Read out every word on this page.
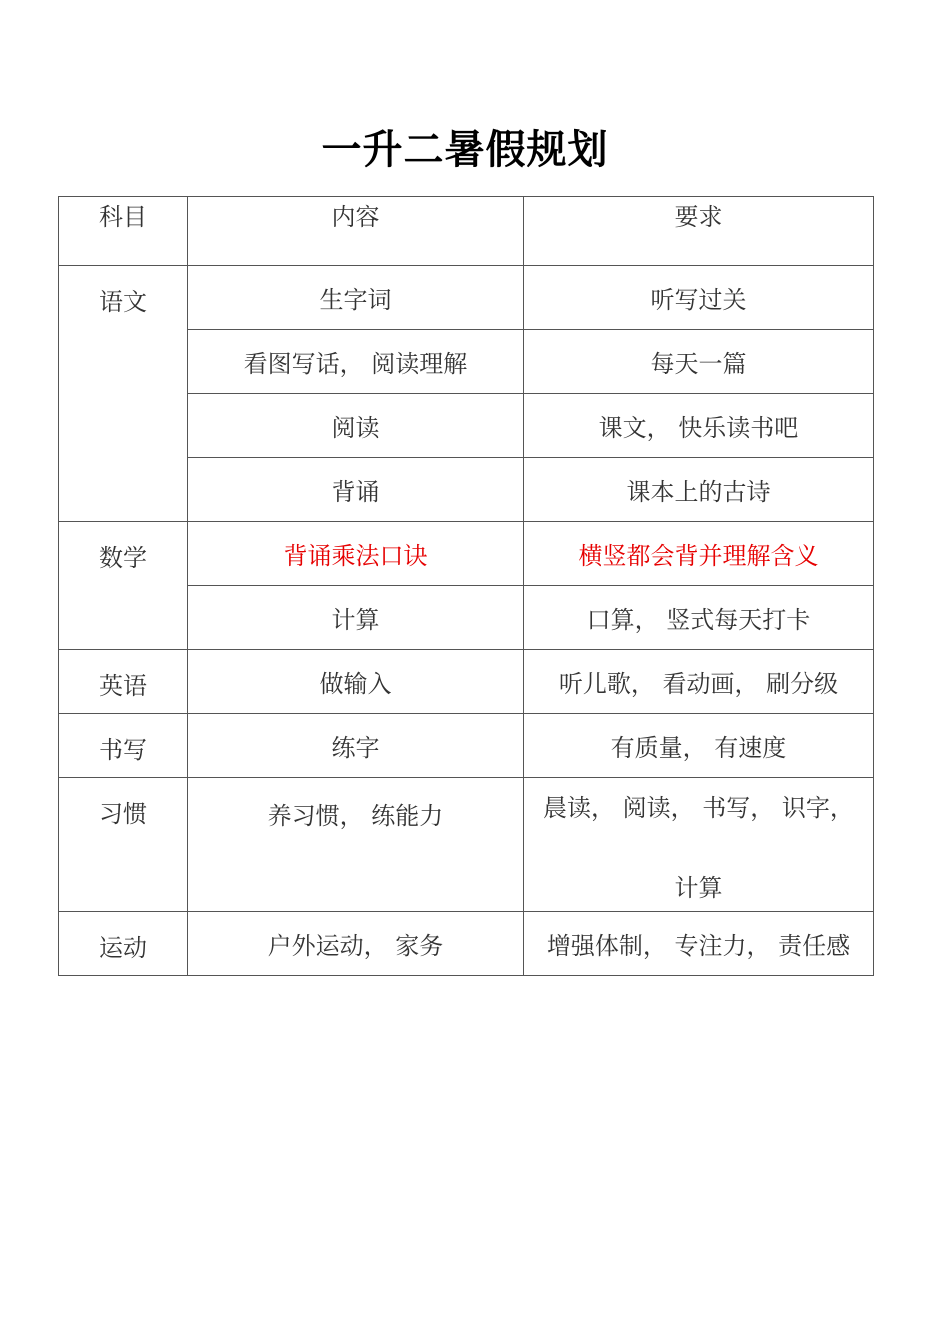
一升二暑假规划
科目	内容	要求
语文	生字词	听写过关
	看图写话， 阅读理解	每天一篇
	阅读	课文， 快乐读书吧
	背诵	课本上的古诗
数学	背诵乘法口诀	横竖都会背并理解含义
	计算	口算， 竖式每天打卡
英语	做输入	听儿歌， 看动画， 刷分级
书写	练字	有质量， 有速度
习惯	养习惯， 练能力	晨读， 阅读， 书写， 识字，
计算

运动	户外运动， 家务	增强体制， 专注力， 责任感
